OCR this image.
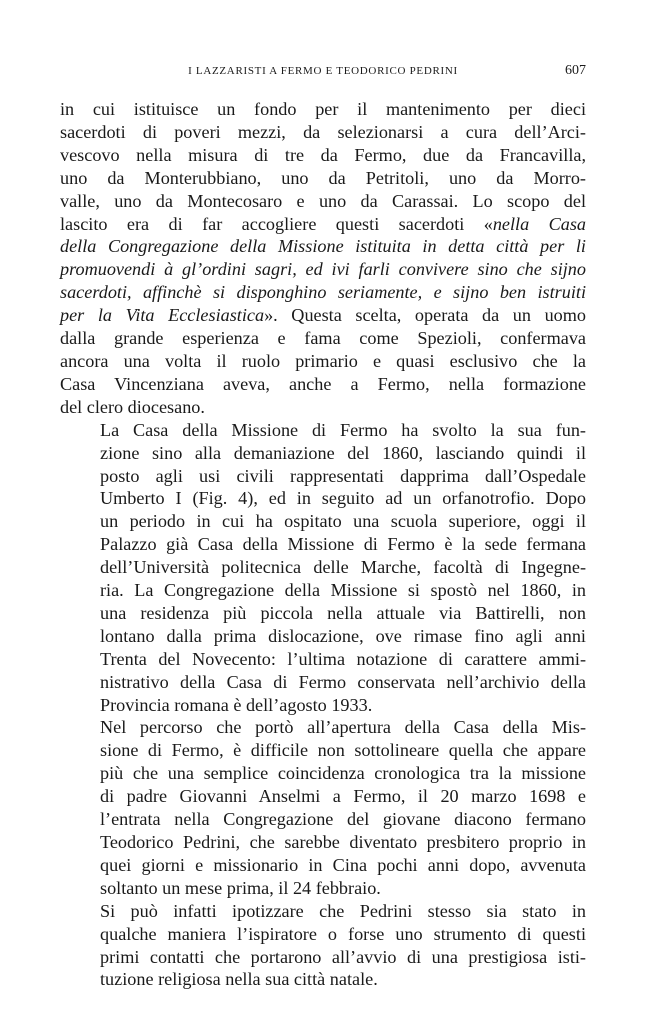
I LAZZARISTI A FERMO E TEODORICO PEDRINI	607

in cui istituisce un fondo per il mantenimento per dieci
sacerdoti di poveri mezzi, da selezionarsi a cura dell’Arci-
vescovo nella misura di tre da Fermo, due da Francavilla,
uno da Monterubbiano, uno da Petritoli, uno da Morro-
valle, uno da Montecosaro e uno da Carassai. Lo scopo del
lascito era di far accogliere questi sacerdoti «nella Casa
della Congregazione della Missione istituita in detta città per li
promuovendi à gl’ordini sagri, ed ivi farli convivere sino che sijno
sacerdoti, affinchè si disponghino seriamente, e sijno ben istruiti
per la Vita Ecclesiastica». Questa scelta, operata da un uomo
dalla grande esperienza e fama come Spezioli, confermava
ancora una volta il ruolo primario e quasi esclusivo che la
Casa Vincenziana aveva, anche a Fermo, nella formazione
del clero diocesano.

La Casa della Missione di Fermo ha svolto la sua fun-
zione sino alla demaniazione del 1860, lasciando quindi il
posto agli usi civili rappresentati dapprima dall’Ospedale
Umberto I (Fig. 4), ed in seguito ad un orfanotrofio. Dopo
un periodo in cui ha ospitato una scuola superiore, oggi il
Palazzo già Casa della Missione di Fermo è la sede fermana
dell’Università politecnica delle Marche, facoltà di Ingegne-
ria. La Congregazione della Missione si spostò nel 1860, in
una residenza più piccola nella attuale via Battirelli, non
lontano dalla prima dislocazione, ove rimase fino agli anni
Trenta del Novecento: l’ultima notazione di carattere ammi-
nistrativo della Casa di Fermo conservata nell’archivio della
Provincia romana è dell’agosto 1933.

Nel percorso che portò all’apertura della Casa della Mis-
sione di Fermo, è difficile non sottolineare quella che appare
più che una semplice coincidenza cronologica tra la missione
di padre Giovanni Anselmi a Fermo, il 20 marzo 1698 e
l’entrata nella Congregazione del giovane diacono fermano
Teodorico Pedrini, che sarebbe diventato presbitero proprio in
quei giorni e missionario in Cina pochi anni dopo, avvenuta
soltanto un mese prima, il 24 febbraio.

Si può infatti ipotizzare che Pedrini stesso sia stato in
qualche maniera l’ispiratore o forse uno strumento di questi
primi contatti che portarono all’avvio di una prestigiosa isti-
tuzione religiosa nella sua città natale.
